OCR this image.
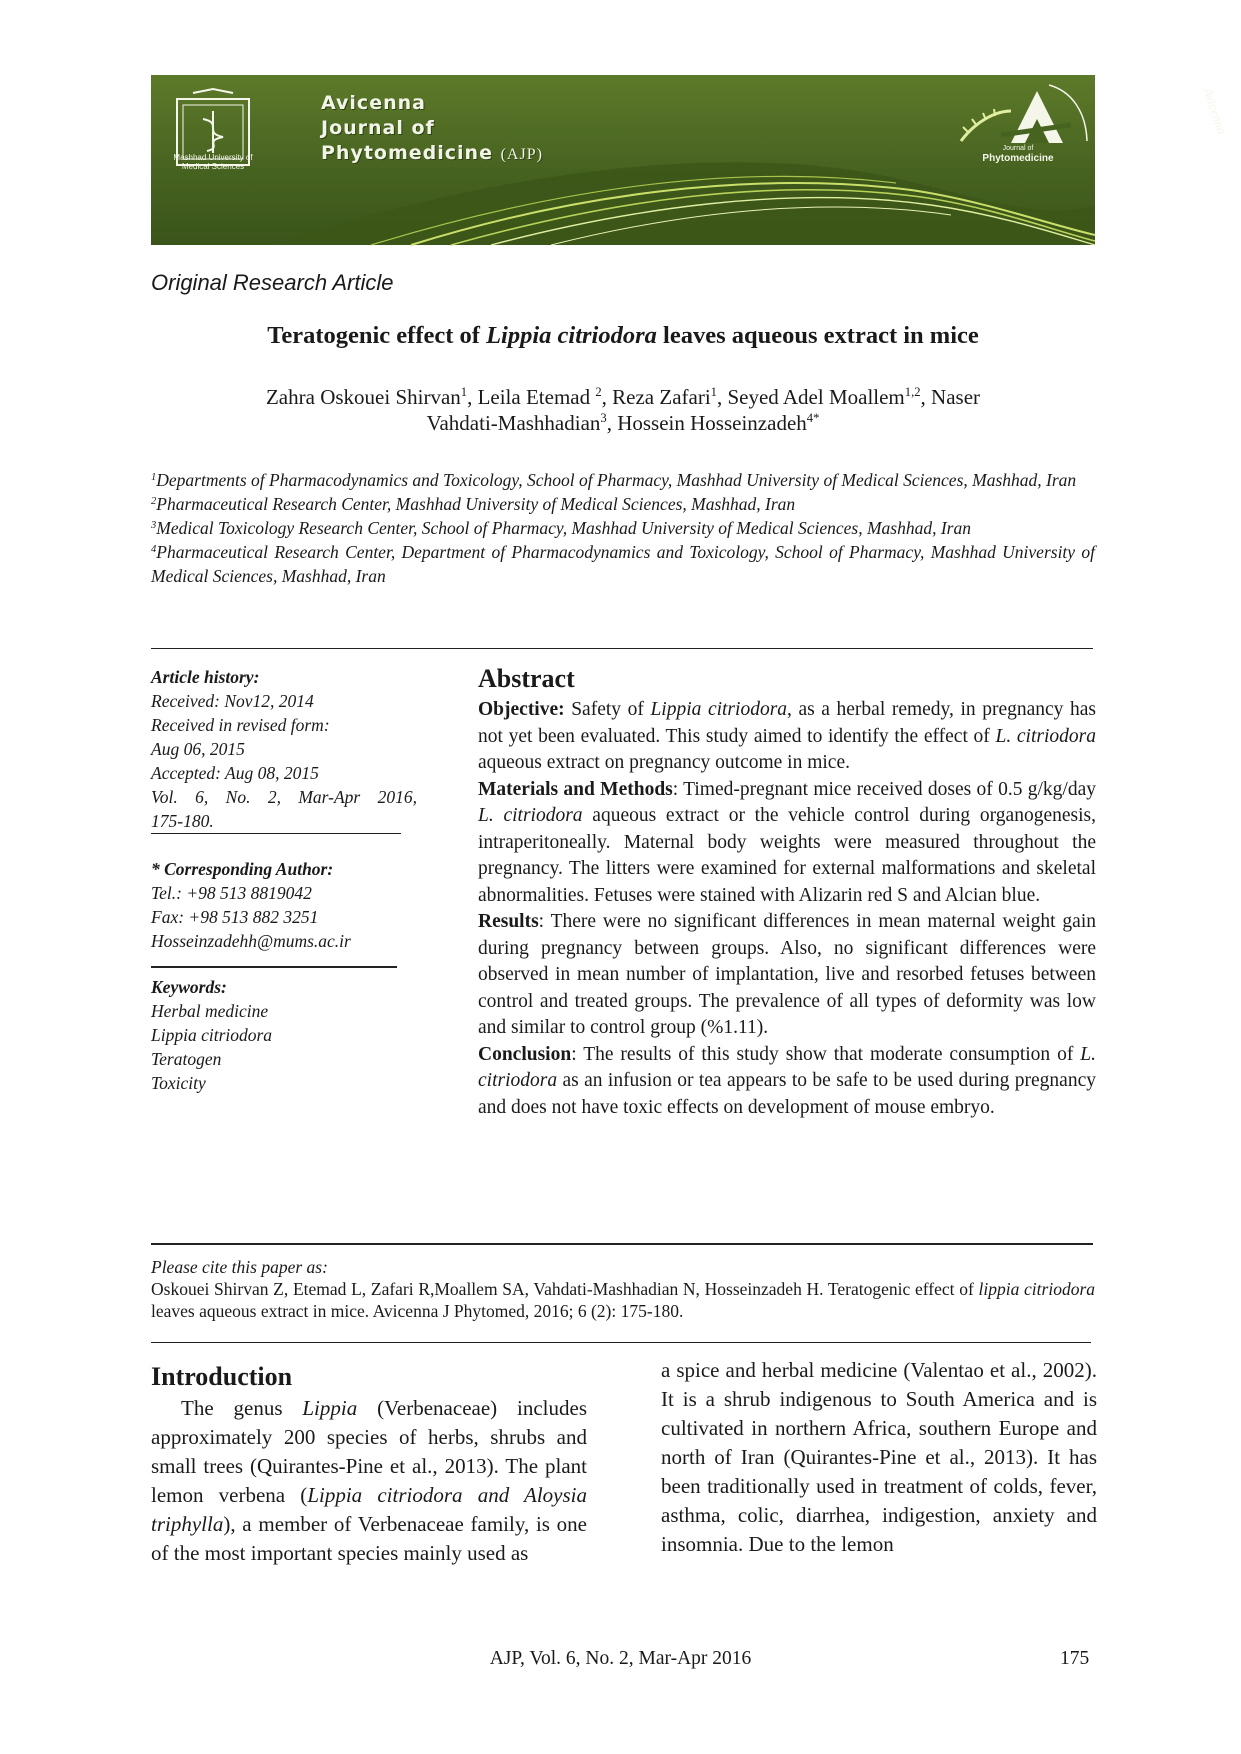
Mashhad University of Medical Sciences
Avicenna
Journal of
Phytomedicine (AJP)
Avicenna
Journal of
Phytomedicine
Original Research Article
Teratogenic effect of Lippia citriodora leaves aqueous extract in mice
Zahra Oskouei Shirvan$^1$, Leila Etemad $^2$, Reza Zafari$^1$, Seyed Adel Moallem$^{1,2}$, Naser
Vahdati-Mashhadian$^3$, Hossein Hosseinzadeh$^{4*}$

$^1$Departments of Pharmacodynamics and Toxicology, School of Pharmacy, Mashhad University of Medical Sciences, Mashhad, Iran

$^2$Pharmaceutical Research Center, Mashhad University of Medical Sciences, Mashhad, Iran

$^3$Medical Toxicology Research Center, School of Pharmacy, Mashhad University of Medical Sciences, Mashhad, Iran

$^4$Pharmaceutical Research Center, Department of Pharmacodynamics and Toxicology, School of Pharmacy, Mashhad University of Medical Sciences, Mashhad, Iran

Article history:
Received: Nov12, 2014
Received in revised form:
Aug 06, 2015
Accepted: Aug 08, 2015
Vol. 6, No. 2, Mar-Apr 2016,
175-180.
* Corresponding Author:
Tel.: +98 513 8819042
Fax: +98 513 882 3251
Hosseinzadehh@mums.ac.ir
Keywords:
Herbal medicine
Lippia citriodora
Teratogen
Toxicity
Abstract

Objective: Safety of Lippia citriodora, as a herbal remedy, in pregnancy has not yet been evaluated. This study aimed to identify the effect of L. citriodora aqueous extract on pregnancy outcome in mice.

Materials and Methods: Timed-pregnant mice received doses of 0.5 g/kg/day L. citriodora aqueous extract or the vehicle control during organogenesis, intraperitoneally. Maternal body weights were measured throughout the pregnancy. The litters were examined for external malformations and skeletal abnormalities. Fetuses were stained with Alizarin red S and Alcian blue.

Results: There were no significant differences in mean maternal weight gain during pregnancy between groups. Also, no significant differences were observed in mean number of implantation, live and resorbed fetuses between control and treated groups. The prevalence of all types of deformity was low and similar to control group (%1.11).

Conclusion: The results of this study show that moderate consumption of L. citriodora as an infusion or tea appears to be safe to be used during pregnancy and does not have toxic effects on development of mouse embryo.

Please cite this paper as:
Oskouei Shirvan Z, Etemad L, Zafari R,Moallem SA, Vahdati-Mashhadian N, Hosseinzadeh H. Teratogenic effect of lippia citriodora leaves aqueous extract in mice. Avicenna J Phytomed, 2016; 6 (2): 175-180.
Introduction

The genus Lippia (Verbenaceae) includes approximately 200 species of herbs, shrubs and small trees (Quirantes-Pine et al., 2013). The plant lemon verbena (Lippia citriodora and Aloysia triphylla), a member of Verbenaceae family, is one of the most important species mainly used as

a spice and herbal medicine (Valentao et al., 2002). It is a shrub indigenous to South America and is cultivated in northern Africa, southern Europe and north of Iran (Quirantes-Pine et al., 2013). It has been traditionally used in treatment of colds, fever, asthma, colic, diarrhea, indigestion, anxiety and insomnia. Due to the lemon

AJP, Vol. 6, No. 2, Mar-Apr 2016	175
